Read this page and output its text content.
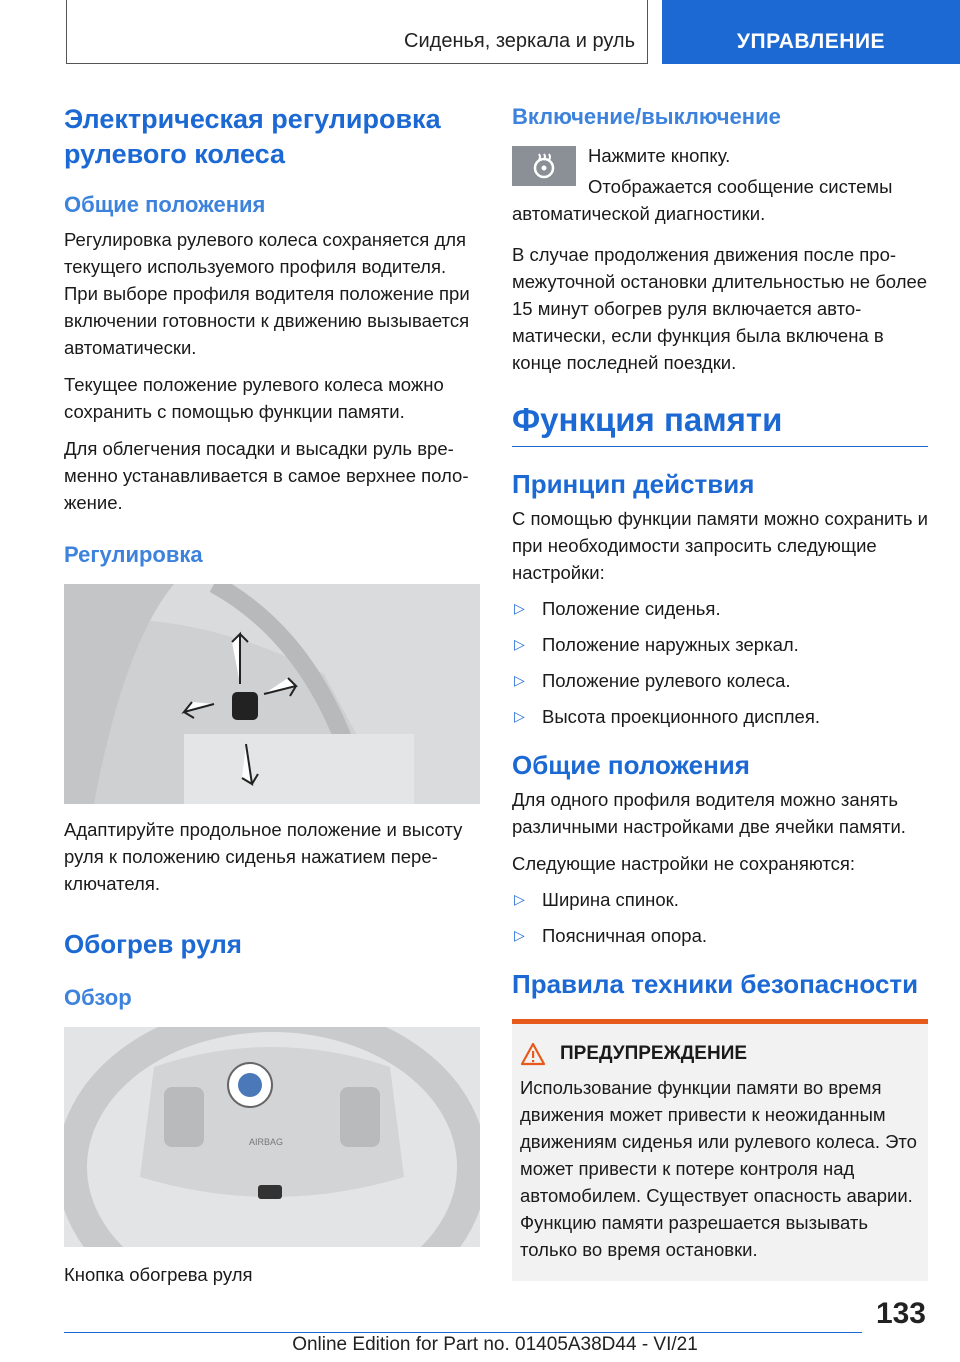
Сиденья, зеркала и руль	УПРАВЛЕНИЕ
Электрическая регулировка рулевого колеса
Общие положения

Регулировка рулевого колеса сохраняется для текущего используемого профиля водителя. При выборе профиля водителя положение при включении готовности к движению вызывается автоматически.

Текущее положение рулевого колеса можно сохранить с помощью функции памяти.

Для облегчения посадки и высадки руль временно устанавливается в самое верхнее положение.

Регулировка

Адаптируйте продольное положение и высоту руля к положению сиденья нажатием переключателя.

Обогрев руля
Обзор
AIRBAG

Кнопка обогрева руля

Включение/выключение

Нажмите кнопку.

Отображается сообщение системы автоматической диагностики.

В случае продолжения движения после промежуточной остановки длительностью не более 15 минут обогрев руля включается автоматически, если функция была включена в конце последней поездки.

Функция памяти
Принцип действия

С помощью функции памяти можно сохранить и при необходимости запросить следующие настройки:

▷ Положение сиденья.
▷ Положение наружных зеркал.
▷ Положение рулевого колеса.
▷ Высота проекционного дисплея.
Общие положения

Для одного профиля водителя можно занять различными настройками две ячейки памяти.

Следующие настройки не сохраняются:

▷ Ширина спинок.
▷ Поясничная опора.
Правила техники безопасности
ПРЕДУПРЕЖДЕНИЕ

Использование функции памяти во время движения может привести к неожиданным движениям сиденья или рулевого колеса. Это может привести к потере контроля над автомобилем. Существует опасность аварии. Функцию памяти разрешается вызывать только во время остановки.

133
Online Edition for Part no. 01405A38D44 - VI/21
